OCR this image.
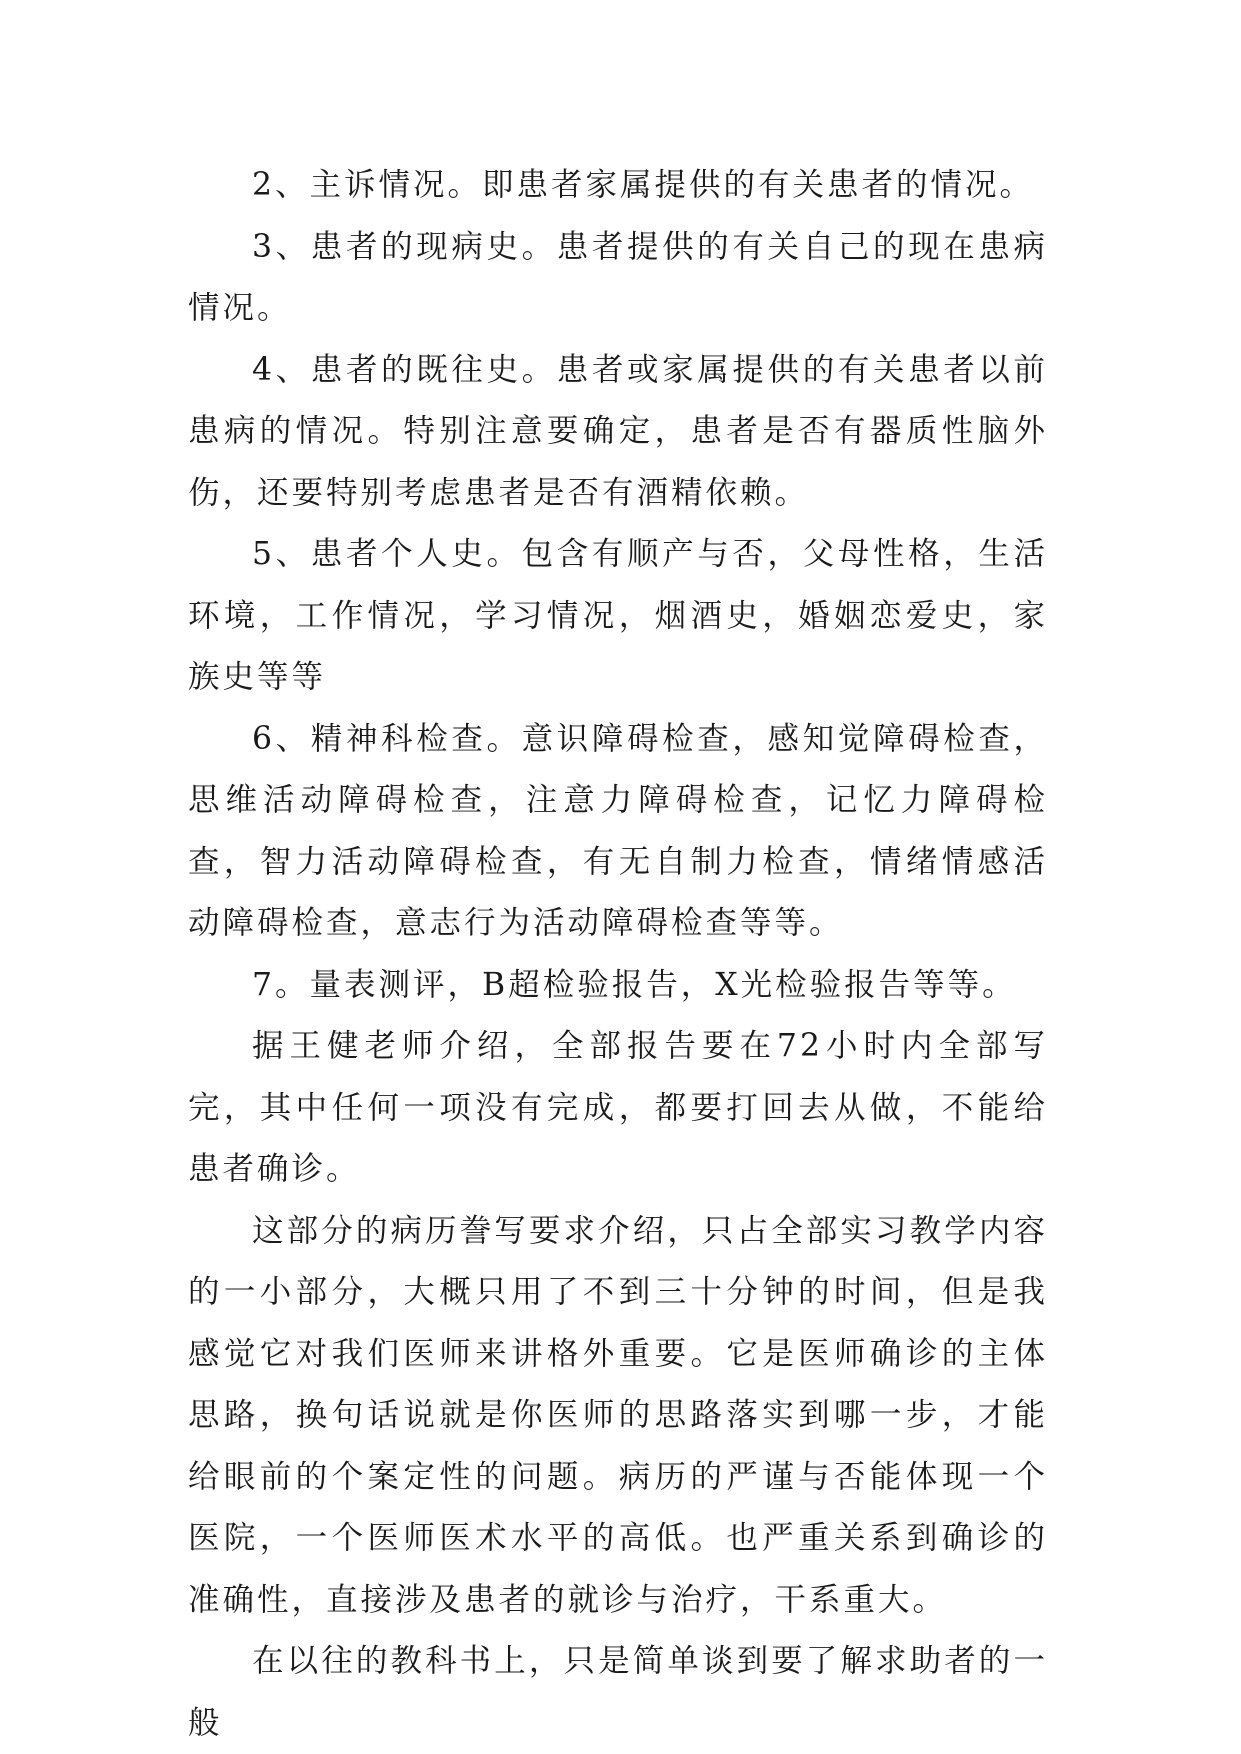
2、主诉情况。即患者家属提供的有关患者的情况。

3、患者的现病史。患者提供的有关自己的现在患病情况。

4、患者的既往史。患者或家属提供的有关患者以前患病的情况。特别注意要确定，患者是否有器质性脑外伤，还要特别考虑患者是否有酒精依赖。

5、患者个人史。包含有顺产与否，父母性格，生活环境，工作情况，学习情况，烟酒史，婚姻恋爱史，家族史等等

6、精神科检查。意识障碍检查，感知觉障碍检查，思维活动障碍检查，注意力障碍检查，记忆力障碍检查，智力活动障碍检查，有无自制力检查，情绪情感活动障碍检查，意志行为活动障碍检查等等。

7。量表测评，B超检验报告，X光检验报告等等。

据王健老师介绍，全部报告要在72小时内全部写完，其中任何一项没有完成，都要打回去从做，不能给患者确诊。

这部分的病历誊写要求介绍，只占全部实习教学内容的一小部分，大概只用了不到三十分钟的时间，但是我感觉它对我们医师来讲格外重要。它是医师确诊的主体思路，换句话说就是你医师的思路落实到哪一步，才能给眼前的个案定性的问题。病历的严谨与否能体现一个医院，一个医师医术水平的高低。也严重关系到确诊的准确性，直接涉及患者的就诊与治疗，干系重大。

在以往的教科书上，只是简单谈到要了解求助者的一般
